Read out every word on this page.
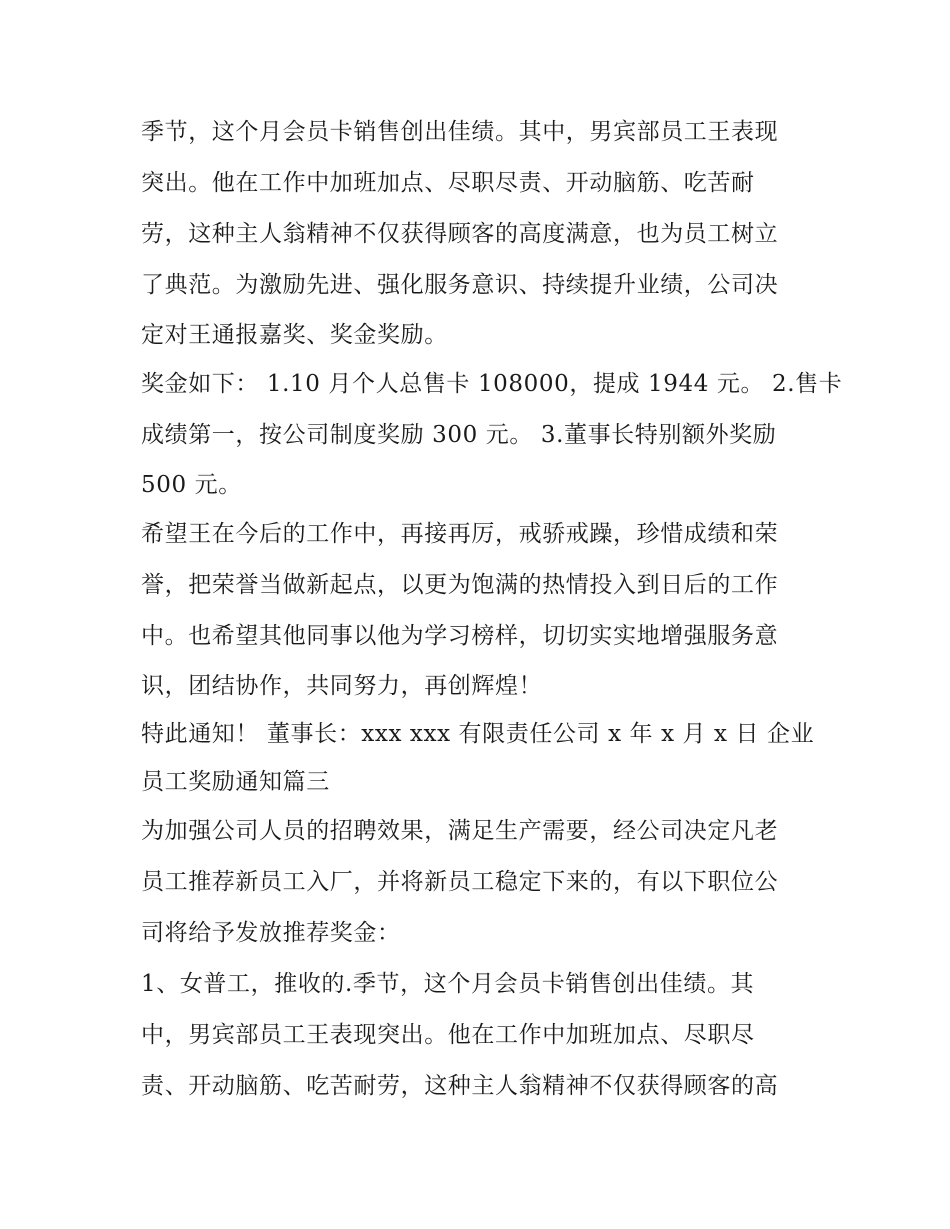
季节，这个月会员卡销售创出佳绩。其中，男宾部员工王表现
突出。他在工作中加班加点、尽职尽责、开动脑筋、吃苦耐
劳，这种主人翁精神不仅获得顾客的高度满意，也为员工树立
了典范。为激励先进、强化服务意识、持续提升业绩，公司决
定对王通报嘉奖、奖金奖励。
奖金如下： 1.10 月个人总售卡 108000，提成 1944 元。 2.售卡
成绩第一，按公司制度奖励 300 元。 3.董事长特别额外奖励
500 元。
希望王在今后的工作中，再接再厉，戒骄戒躁，珍惜成绩和荣
誉，把荣誉当做新起点，以更为饱满的热情投入到日后的工作
中。也希望其他同事以他为学习榜样，切切实实地增强服务意
识，团结协作，共同努力，再创辉煌！
特此通知！ 董事长：xxx xxx 有限责任公司 x 年 x 月 x 日 企业
员工奖励通知篇三
为加强公司人员的招聘效果，满足生产需要，经公司决定凡老
员工推荐新员工入厂，并将新员工稳定下来的，有以下职位公
司将给予发放推荐奖金：
1、女普工，推收的.季节，这个月会员卡销售创出佳绩。其
中，男宾部员工王表现突出。他在工作中加班加点、尽职尽
责、开动脑筋、吃苦耐劳，这种主人翁精神不仅获得顾客的高
